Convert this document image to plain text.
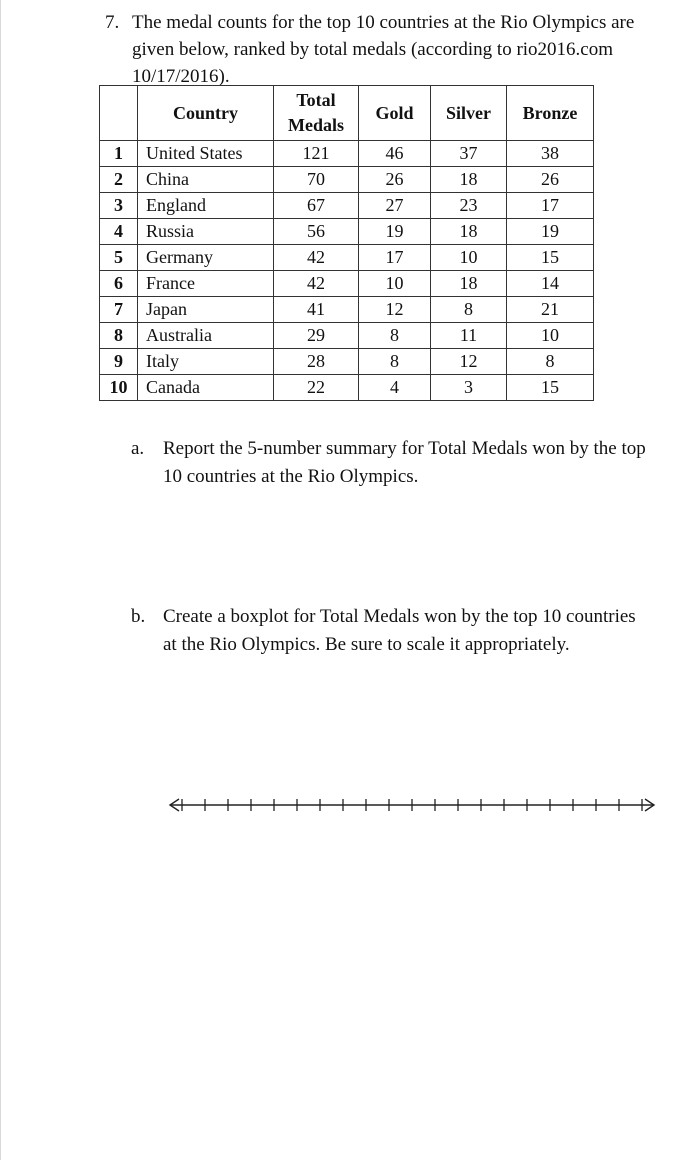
7. The medal counts for the top 10 countries at the Rio Olympics are given below, ranked by total medals (according to rio2016.com 10/17/2016).
	Country	Total Medals	Gold	Silver	Bronze
1	United States	121	46	37	38
2	China	70	26	18	26
3	England	67	27	23	17
4	Russia	56	19	18	19
5	Germany	42	17	10	15
6	France	42	10	18	14
7	Japan	41	12	8	21
8	Australia	29	8	11	10
9	Italy	28	8	12	8
10	Canada	22	4	3	15
a. Report the 5-number summary for Total Medals won by the top 10 countries at the Rio Olympics.
b. Create a boxplot for Total Medals won by the top 10 countries at the Rio Olympics. Be sure to scale it appropriately.
